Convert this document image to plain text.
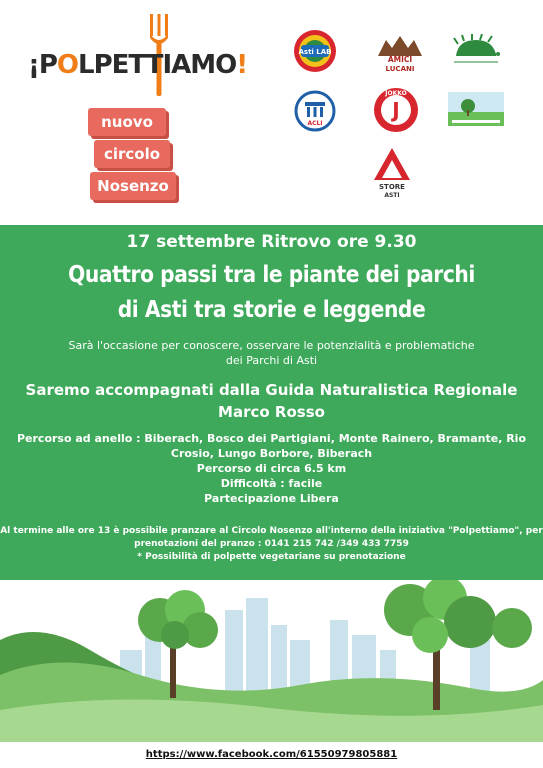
¡POLPETTIAMO!
nuovo
circolo
Nosenzo
Asti LAB
AMICI
LUCANI
ACLI
J
JOKKO
STORE
ASTI
17 settembre Ritrovo ore 9.30
Quattro passi tra le piante dei parchi
di Asti tra storie e leggende
Sarà l'occasione per conoscere, osservare le potenzialità e problematiche
dei Parchi di Asti
Saremo accompagnati dalla Guida Naturalistica Regionale
Marco Rosso
Percorso ad anello : Biberach, Bosco dei Partigiani, Monte Rainero, Bramante, Rio
Crosio, Lungo Borbore, Biberach
Percorso di circa 6.5 km
Difficoltà : facile
Partecipazione Libera
Al termine alle ore 13 è possibile pranzare al Circolo Nosenzo all'interno della iniziativa "Polpettiamo", per
prenotazioni del pranzo : 0141 215 742 /349 433 7759
* Possibilità di polpette vegetariane su prenotazione
https://www.facebook.com/61550979805881
